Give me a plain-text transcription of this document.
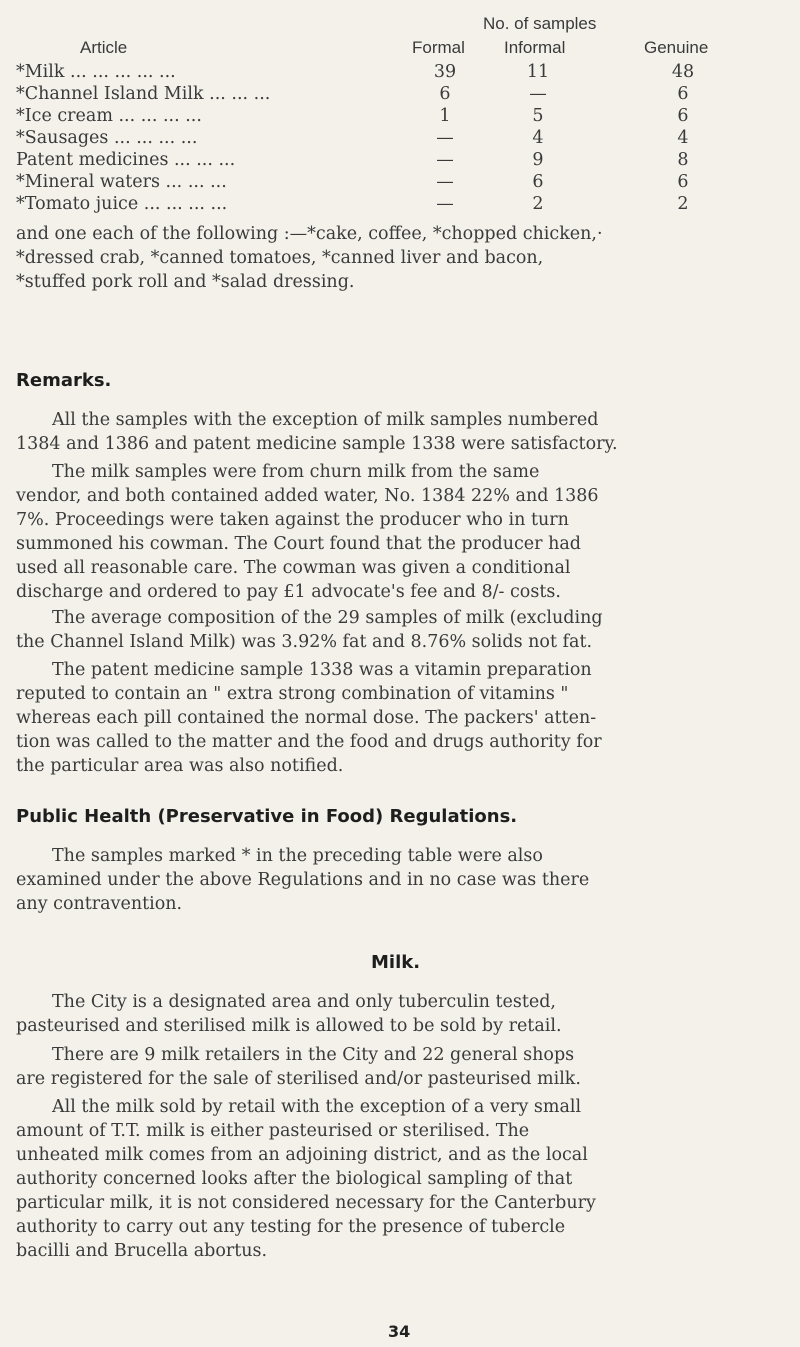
No. of samples
Article	Formal Informal	Genuine
*Milk ... ... ... ... ...	39	11	48
*Channel Island Milk ... ... ...	6	—	6
*Ice cream ... ... ... ...	1	5	6
*Sausages ... ... ... ...	—	4	4
Patent medicines ... ... ...	—	9	8
*Mineral waters ... ... ...	—	6	6
*Tomato juice ... ... ... ...	—	2	2
and one each of the following :—*cake, coffee, *chopped chicken,·
*dressed crab, *canned tomatoes, *canned liver and bacon,
*stuffed pork roll and *salad dressing.
Remarks.
All the samples with the exception of milk samples numbered
1384 and 1386 and patent medicine sample 1338 were satisfactory.
The milk samples were from churn milk from the same
vendor, and both contained added water, No. 1384 22% and 1386
7%. Proceedings were taken against the producer who in turn
summoned his cowman. The Court found that the producer had
used all reasonable care. The cowman was given a conditional
discharge and ordered to pay £1 advocate's fee and 8/- costs.
The average composition of the 29 samples of milk (excluding
the Channel Island Milk) was 3.92% fat and 8.76% solids not fat.
The patent medicine sample 1338 was a vitamin preparation
reputed to contain an " extra strong combination of vitamins "
whereas each pill contained the normal dose. The packers' atten-
tion was called to the matter and the food and drugs authority for
the particular area was also notified.
Public Health (Preservative in Food) Regulations.
The samples marked * in the preceding table were also
examined under the above Regulations and in no case was there
any contravention.
Milk.
The City is a designated area and only tuberculin tested,
pasteurised and sterilised milk is allowed to be sold by retail.
There are 9 milk retailers in the City and 22 general shops
are registered for the sale of sterilised and/or pasteurised milk.
All the milk sold by retail with the exception of a very small
amount of T.T. milk is either pasteurised or sterilised. The
unheated milk comes from an adjoining district, and as the local
authority concerned looks after the biological sampling of that
particular milk, it is not considered necessary for the Canterbury
authority to carry out any testing for the presence of tubercle
bacilli and Brucella abortus.
34
